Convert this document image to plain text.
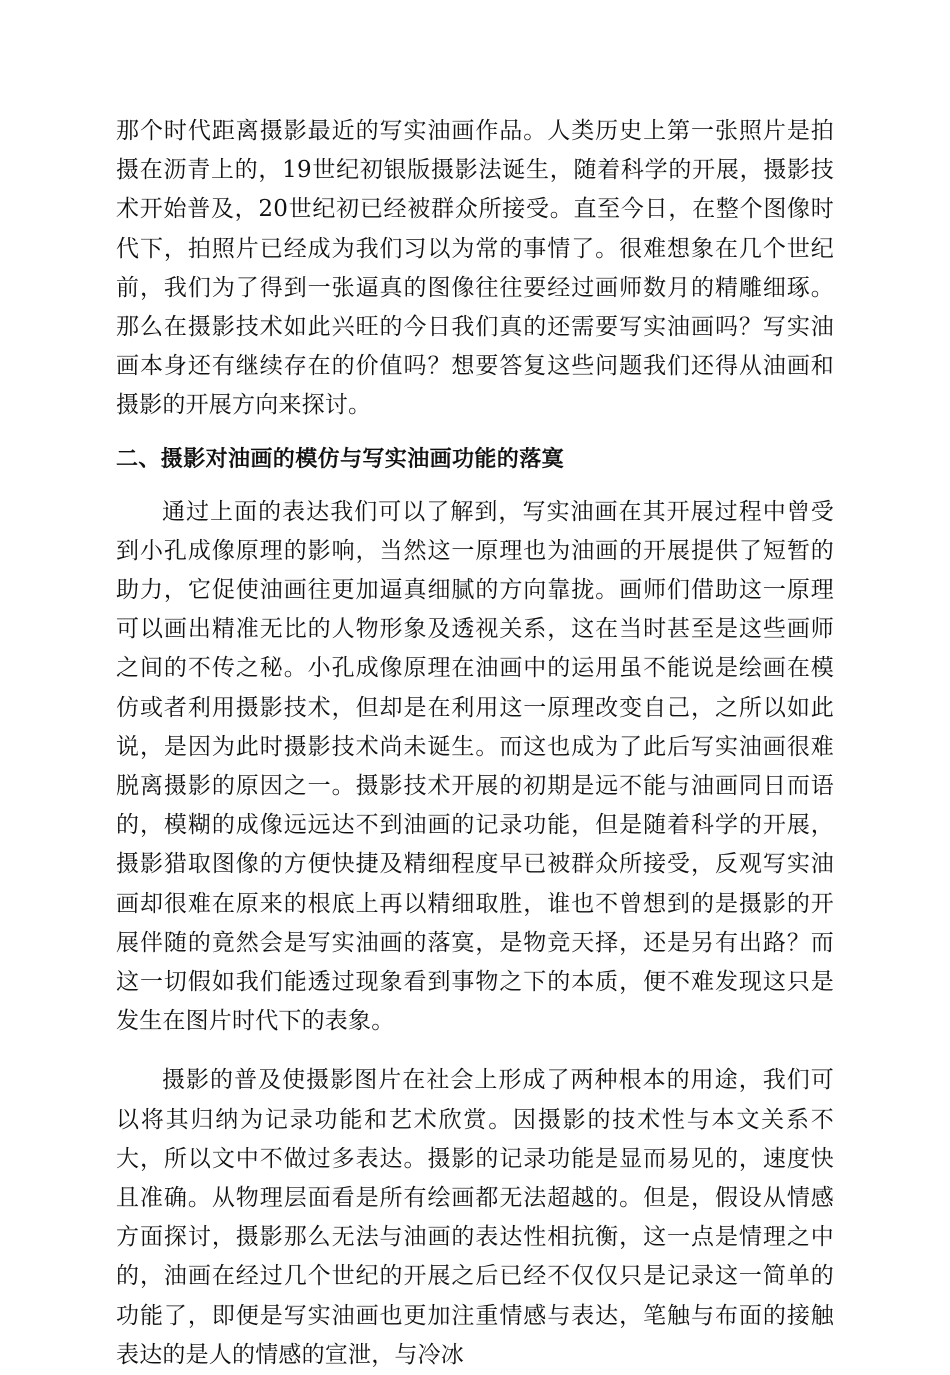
那个时代距离摄影最近的写实油画作品。人类历史上第一张照片是拍摄在沥青上的，19世纪初银版摄影法诞生，随着科学的开展，摄影技术开始普及，20世纪初已经被群众所接受。直至今日，在整个图像时代下，拍照片已经成为我们习以为常的事情了。很难想象在几个世纪前，我们为了得到一张逼真的图像往往要经过画师数月的精雕细琢。那么在摄影技术如此兴旺的今日我们真的还需要写实油画吗？写实油画本身还有继续存在的价值吗？想要答复这些问题我们还得从油画和摄影的开展方向来探讨。

二、摄影对油画的模仿与写实油画功能的落寞

通过上面的表达我们可以了解到，写实油画在其开展过程中曾受到小孔成像原理的影响，当然这一原理也为油画的开展提供了短暂的助力，它促使油画往更加逼真细腻的方向靠拢。画师们借助这一原理可以画出精准无比的人物形象及透视关系，这在当时甚至是这些画师之间的不传之秘。小孔成像原理在油画中的运用虽不能说是绘画在模仿或者利用摄影技术，但却是在利用这一原理改变自己，之所以如此说，是因为此时摄影技术尚未诞生。而这也成为了此后写实油画很难脱离摄影的原因之一。摄影技术开展的初期是远不能与油画同日而语的，模糊的成像远远达不到油画的记录功能，但是随着科学的开展，摄影猎取图像的方便快捷及精细程度早已被群众所接受，反观写实油画却很难在原来的根底上再以精细取胜，谁也不曾想到的是摄影的开展伴随的竟然会是写实油画的落寞，是物竞天择，还是另有出路？而这一切假如我们能透过现象看到事物之下的本质，便不难发现这只是发生在图片时代下的表象。

摄影的普及使摄影图片在社会上形成了两种根本的用途，我们可以将其归纳为记录功能和艺术欣赏。因摄影的技术性与本文关系不大，所以文中不做过多表达。摄影的记录功能是显而易见的，速度快且准确。从物理层面看是所有绘画都无法超越的。但是，假设从情感方面探讨，摄影那么无法与油画的表达性相抗衡，这一点是情理之中的，油画在经过几个世纪的开展之后已经不仅仅只是记录这一简单的功能了，即便是写实油画也更加注重情感与表达，笔触与布面的接触表达的是人的情感的宣泄，与冷冰
